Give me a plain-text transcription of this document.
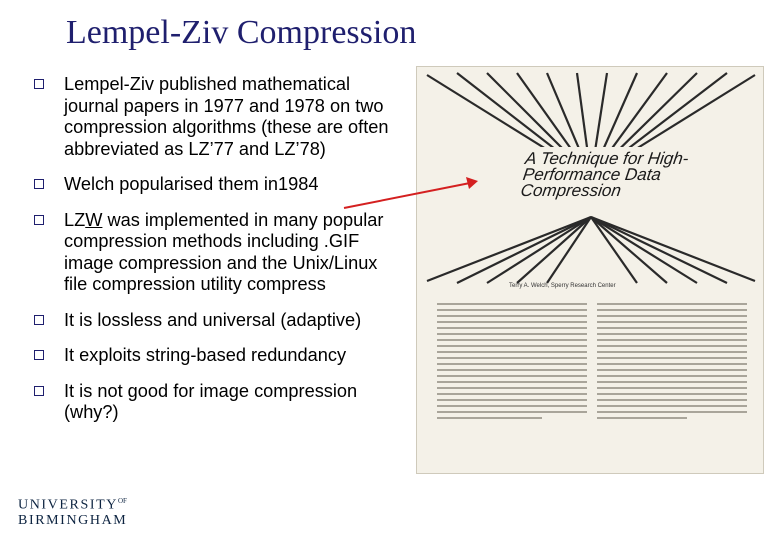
Lempel-Ziv Compression
Lempel-Ziv published mathematical journal papers in 1977 and 1978 on two compression algorithms (these are often abbreviated as LZ’77 and LZ’78)
Welch popularised them in1984
LZW was implemented in many popular compression methods including .GIF image compression and the Unix/Linux file compression utility compress
It is lossless and universal (adaptive)
It exploits string-based redundancy
It is not good for image compression (why?)
A Technique for High-Performance Data Compression
Terry A. Welch, Sperry Research Center
$UNIVERSITY^{OF}$
BIRMINGHAM
